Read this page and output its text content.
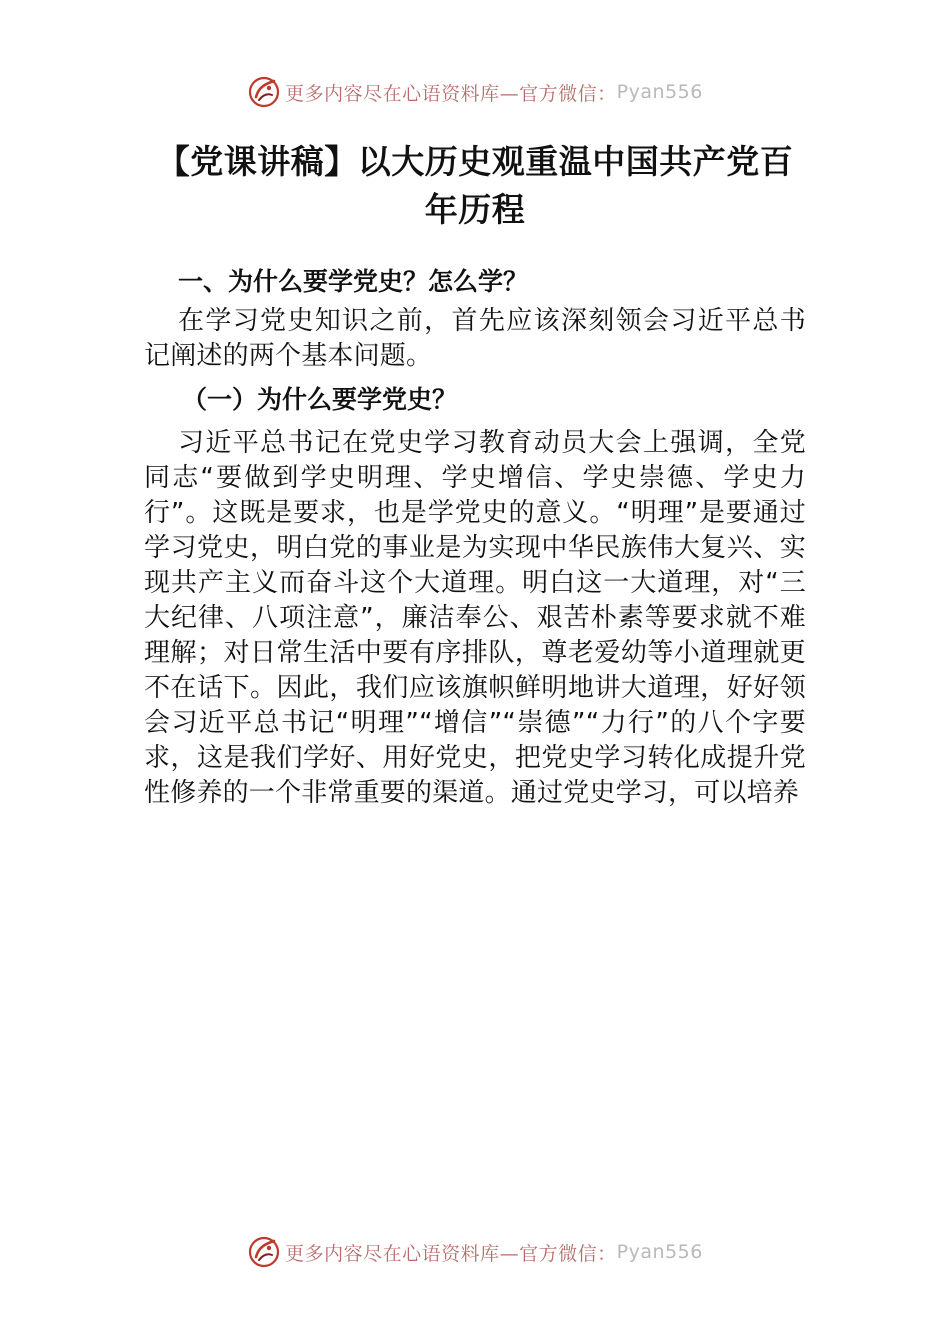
更多内容尽在心语资料库—官方微信： Pyan556
【党课讲稿】以大历史观重温中国共产党百年历程
一、为什么要学党史？怎么学？

在学习党史知识之前，首先应该深刻领会习近平总书记阐述的两个基本问题。

（一）为什么要学党史？

习近平总书记在党史学习教育动员大会上强调，全党同志“要做到学史明理、学史增信、学史崇德、学史力行”。这既是要求，也是学党史的意义。“明理”是要通过学习党史，明白党的事业是为实现中华民族伟大复兴、实现共产主义而奋斗这个大道理。明白这一大道理，对“三大纪律、八项注意”，廉洁奉公、艰苦朴素等要求就不难理解；对日常生活中要有序排队，尊老爱幼等小道理就更不在话下。因此，我们应该旗帜鲜明地讲大道理，好好领会习近平总书记“明理”“增信”“崇德”“力行”的八个字要求，这是我们学好、用好党史，把党史学习转化成提升党性修养的一个非常重要的渠道。通过党史学习，可以培养

更多内容尽在心语资料库—官方微信： Pyan556
